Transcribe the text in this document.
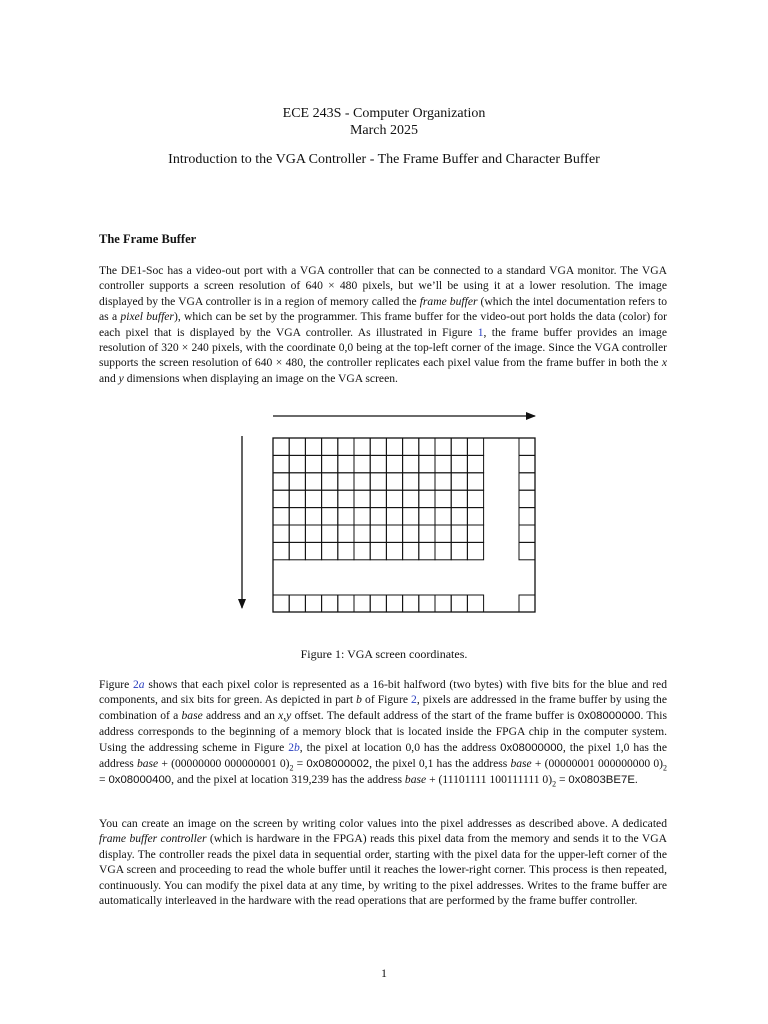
ECE 243S - Computer Organization
March 2025
Introduction to the VGA Controller - The Frame Buffer and Character Buffer
The Frame Buffer
The DE1-Soc has a video-out port with a VGA controller that can be connected to a standard VGA monitor. The VGA controller supports a screen resolution of 640 × 480 pixels, but we’ll be using it at a lower resolution. The image displayed by the VGA controller is in a region of memory called the frame buffer (which the intel documentation refers to as a pixel buffer), which can be set by the programmer. This frame buffer for the video-out port holds the data (color) for each pixel that is displayed by the VGA controller. As illustrated in Figure 1, the frame buffer provides an image resolution of 320 × 240 pixels, with the coordinate 0,0 being at the top-left corner of the image. Since the VGA controller supports the screen resolution of 640 × 480, the controller replicates each pixel value from the frame buffer in both the x and y dimensions when displaying an image on the VGA screen.
Figure 1: VGA screen coordinates.
Figure 2a shows that each pixel color is represented as a 16-bit halfword (two bytes) with five bits for the blue and red components, and six bits for green. As depicted in part b of Figure 2, pixels are addressed in the frame buffer by using the combination of a base address and an x,y offset. The default address of the start of the frame buffer is 0x08000000. This address corresponds to the beginning of a memory block that is located inside the FPGA chip in the computer system. Using the addressing scheme in Figure 2b, the pixel at location 0,0 has the address 0x08000000, the pixel 1,0 has the address base + (00000000 000000001 $0)_2 = 0x08000002$, the pixel 0,1 has the address base + (00000001 000000000 $0)_2 = 0x08000400$, and the pixel at location 319,239 has the address base + (11101111 100111111 $0)_2 = 0x0803BE7E$.
You can create an image on the screen by writing color values into the pixel addresses as described above. A dedicated frame buffer controller (which is hardware in the FPGA) reads this pixel data from the memory and sends it to the VGA display. The controller reads the pixel data in sequential order, starting with the pixel data for the upper-left corner of the VGA screen and proceeding to read the whole buffer until it reaches the lower-right corner. This process is then repeated, continuously. You can modify the pixel data at any time, by writing to the pixel addresses. Writes to the frame buffer are automatically interleaved in the hardware with the read operations that are performed by the frame buffer controller.
1
